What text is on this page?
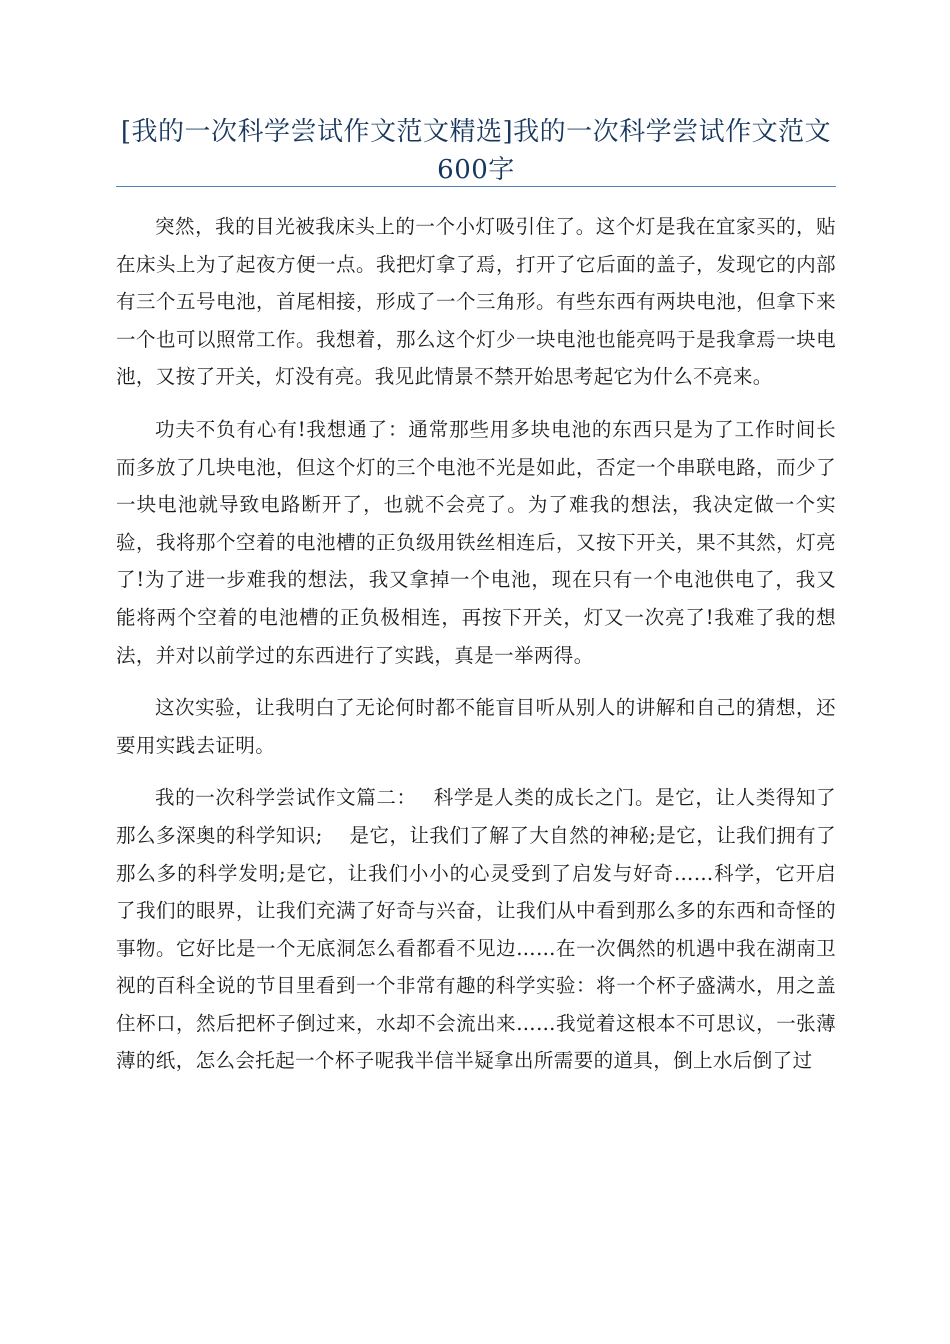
[我的一次科学尝试作文范文精选]我的一次科学尝试作文范文600字

突然，我的目光被我床头上的一个小灯吸引住了。这个灯是我在宜家买的，贴在床头上为了起夜方便一点。我把灯拿了焉，打开了它后面的盖子，发现它的内部有三个五号电池，首尾相接，形成了一个三角形。有些东西有两块电池，但拿下来一个也可以照常工作。我想着，那么这个灯少一块电池也能亮吗于是我拿焉一块电池，又按了开关，灯没有亮。我见此情景不禁开始思考起它为什么不亮来。

功夫不负有心有!我想通了：通常那些用多块电池的东西只是为了工作时间长而多放了几块电池，但这个灯的三个电池不光是如此，否定一个串联电路，而少了一块电池就导致电路断开了，也就不会亮了。为了难我的想法，我决定做一个实验，我将那个空着的电池槽的正负级用铁丝相连后，又按下开关，果不其然，灯亮了!为了进一步难我的想法，我又拿掉一个电池，现在只有一个电池供电了，我又能将两个空着的电池槽的正负极相连，再按下开关，灯又一次亮了!我难了我的想法，并对以前学过的东西进行了实践，真是一举两得。

这次实验，让我明白了无论何时都不能盲目听从别人的讲解和自己的猜想，还要用实践去证明。

我的一次科学尝试作文篇二：　 科学是人类的成长之门。是它，让人类得知了那么多深奥的科学知识;　 是它，让我们了解了大自然的神秘;是它，让我们拥有了那么多的科学发明;是它，让我们小小的心灵受到了启发与好奇……科学，它开启了我们的眼界，让我们充满了好奇与兴奋，让我们从中看到那么多的东西和奇怪的事物。它好比是一个无底洞怎么看都看不见边……在一次偶然的机遇中我在湖南卫视的百科全说的节目里看到一个非常有趣的科学实验：将一个杯子盛满水，用之盖住杯口，然后把杯子倒过来，水却不会流出来……我觉着这根本不可思议，一张薄薄的纸，怎么会托起一个杯子呢我半信半疑拿出所需要的道具，倒上水后倒了过
